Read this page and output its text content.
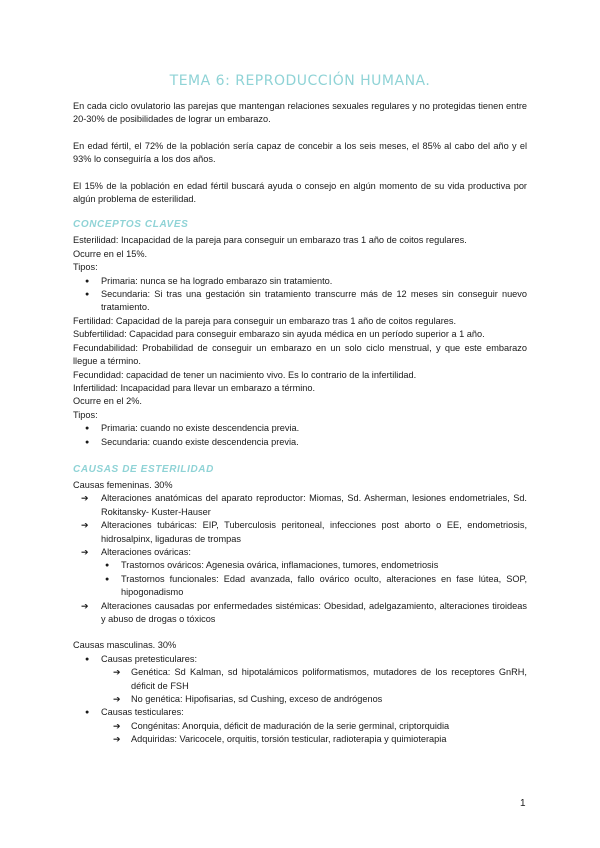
TEMA 6: REPRODUCCIÓN HUMANA.

En cada ciclo ovulatorio las parejas que mantengan relaciones sexuales regulares y no protegidas tienen entre 20-30% de posibilidades de lograr un embarazo.

En edad fértil, el 72% de la población sería capaz de concebir a los seis meses, el 85% al cabo del año y el 93% lo conseguiría a los dos años.

El 15% de la población en edad fértil buscará ayuda o consejo en algún momento de su vida productiva por algún problema de esterilidad.

CONCEPTOS CLAVES

Esterilidad: Incapacidad de la pareja para conseguir un embarazo tras 1 año de coitos regulares.

Ocurre en el 15%.

Tipos:

● Primaria: nunca se ha logrado embarazo sin tratamiento.
● Secundaria: Si tras una gestación sin tratamiento transcurre más de 12 meses sin conseguir nuevo tratamiento.

Fertilidad: Capacidad de la pareja para conseguir un embarazo tras 1 año de coitos regulares.

Subfertilidad: Capacidad para conseguir embarazo sin ayuda médica en un período superior a 1 año.

Fecundabilidad: Probabilidad de conseguir un embarazo en un solo ciclo menstrual, y que este embarazo llegue a término.

Fecundidad: capacidad de tener un nacimiento vivo. Es lo contrario de la infertilidad.

Infertilidad: Incapacidad para llevar un embarazo a término.

Ocurre en el 2%.

Tipos:

● Primaria: cuando no existe descendencia previa.
● Secundaria: cuando existe descendencia previa.
CAUSAS DE ESTERILIDAD

Causas femeninas. 30%

➔ Alteraciones anatómicas del aparato reproductor: Miomas, Sd. Asherman, lesiones endometriales, Sd. Rokitansky- Kuster-Hauser
➔ Alteraciones tubáricas: EIP, Tuberculosis peritoneal, infecciones post aborto o EE, endometriosis, hidrosalpinx, ligaduras de trompas
➔ Alteraciones ováricas:
● Trastornos ováricos: Agenesia ovárica, inflamaciones, tumores, endometriosis
● Trastornos funcionales: Edad avanzada, fallo ovárico oculto, alteraciones en fase lútea, SOP, hipogonadismo
➔ Alteraciones causadas por enfermedades sistémicas: Obesidad, adelgazamiento, alteraciones tiroideas y abuso de drogas o tóxicos

Causas masculinas. 30%

● Causas pretesticulares:
➔ Genética: Sd Kalman, sd hipotalámicos poliformatismos, mutadores de los receptores GnRH, déficit de FSH
➔ No genética: Hipofisarias, sd Cushing, exceso de andrógenos
● Causas testiculares:
➔ Congénitas: Anorquia, déficit de maduración de la serie germinal, criptorquidia
➔ Adquiridas: Varicocele, orquitis, torsión testicular, radioterapia y quimioterapia
1
